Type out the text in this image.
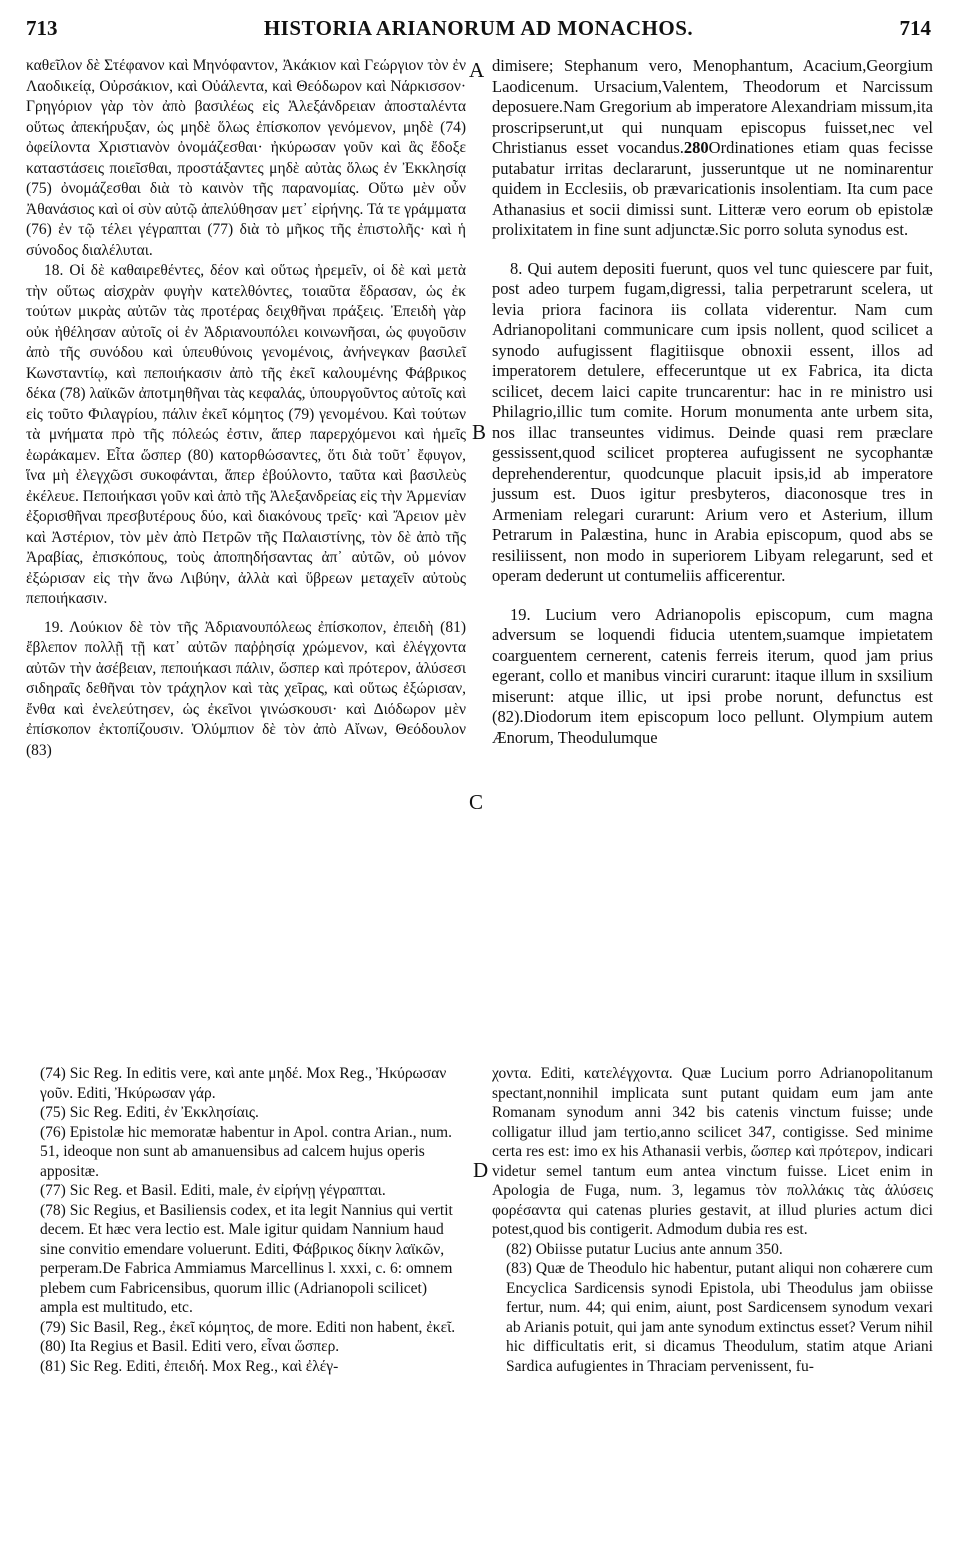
713	HISTORIA ARIANORUM AD MONACHOS.	714
A
B
C
D

καθεῖλον δὲ Στέφανον καὶ Μηνόφαντον, Ἀκάκιον καὶ Γεώργιον τὸν ἐν Λαοδικείᾳ, Οὐρσάκιον, καὶ Οὐάλεντα, καὶ Θεόδωρον καὶ Νάρκισσον· Γρηγόριον γὰρ τὸν ἀπὸ βασιλέως εἰς Ἀλεξάνδρειαν ἀποσταλέντα οὕτως ἀπεκήρυξαν, ὡς μηδὲ ὅλως ἐπίσκοπον γενόμενον, μηδὲ (74) ὀφείλοντα Χριστιανὸν ὀνομάζεσθαι· ἠκύρωσαν γοῦν καὶ ἃς ἔδοξε καταστάσεις ποιεῖσθαι, προστάξαντες μηδὲ αὐτὰς ὅλως ἐν Ἐκκλησίᾳ (75) ὀνομάζεσθαι διὰ τὸ καινὸν τῆς παρανομίας. Οὕτω μὲν οὖν Ἀθανάσιος καὶ οἱ σὺν αὐτῷ ἀπελύθησαν μετ᾽ εἰρήνης. Τά τε γράμματα (76) ἐν τῷ τέλει γέγραπται (77) διὰ τὸ μῆκος τῆς ἐπιστολῆς· καὶ ἡ σύνοδος διαλέλυται.

18. Οἱ δὲ καθαιρεθέντες, δέον καὶ οὕτως ἠρεμεῖν, οἱ δὲ καὶ μετὰ τὴν οὕτως αἰσχρὰν φυγὴν κατελθόντες, τοιαῦτα ἔδρασαν, ὡς ἐκ τούτων μικρὰς αὐτῶν τὰς προτέρας δειχθῆναι πράξεις. Ἐπειδὴ γὰρ οὐκ ἠθέλησαν αὐτοῖς οἱ ἐν Ἀδριανουπόλει κοινωνῆσαι, ὡς φυγοῦσιν ἀπὸ τῆς συνόδου καὶ ὑπευθύνοις γενομένοις, ἀνήνεγκαν βασιλεῖ Κωνσταντίῳ, καὶ πεποιήκασιν ἀπὸ τῆς ἐκεῖ καλουμένης Φάβρικος δέκα (78) λαϊκῶν ἀποτμηθῆναι τὰς κεφαλάς, ὑπουργοῦντος αὐτοῖς καὶ εἰς τοῦτο Φιλαγρίου, πάλιν ἐκεῖ κόμητος (79) γενομένου. Καὶ τούτων τὰ μνήματα πρὸ τῆς πόλεώς ἐστιν, ἅπερ παρερχόμενοι καὶ ἡμεῖς ἑωράκαμεν. Εἶτα ὥσπερ (80) κατορθώσαντες, ὅτι διὰ τοῦτ᾽ ἔφυγον, ἵνα μὴ ἐλεγχῶσι συκοφάνται, ἅπερ ἐβούλοντο, ταῦτα καὶ βασιλεὺς ἐκέλευε. Πεποιήκασι γοῦν καὶ ἀπὸ τῆς Ἀλεξανδρείας εἰς τὴν Ἀρμενίαν ἐξορισθῆναι πρεσβυτέρους δύο, καὶ διακόνους τρεῖς· καὶ Ἄρειον μὲν καὶ Ἀστέριον, τὸν μὲν ἀπὸ Πετρῶν τῆς Παλαιστίνης, τὸν δὲ ἀπὸ τῆς Ἀραβίας, ἐπισκόπους, τοὺς ἀποπηδήσαντας ἀπ᾽ αὐτῶν, οὐ μόνον ἐξώρισαν εἰς τὴν ἄνω Λιβύην, ἀλλὰ καὶ ὕβρεων μεταχεῖν αὐτοὺς πεποιήκασιν.

19. Λούκιον δὲ τὸν τῆς Ἀδριανουπόλεως ἐπίσκοπον, ἐπειδὴ (81) ἔβλεπον πολλῇ τῇ κατ᾽ αὐτῶν παῤῥησίᾳ χρώμενον, καὶ ἐλέγχοντα αὐτῶν τὴν ἀσέβειαν, πεποιήκασι πάλιν, ὥσπερ καὶ πρότερον, ἁλύσεσι σιδηραῖς δεθῆναι τὸν τράχηλον καὶ τὰς χεῖρας, καὶ οὕτως ἐξώρισαν, ἔνθα καὶ ἐνελεύτησεν, ὡς ἐκεῖνοι γινώσκουσι· καὶ Διόδωρον μὲν ἐπίσκοπον ἐκτοπίζουσιν. Ὀλύμπιον δὲ τὸν ἀπὸ Αἴνων, Θεόδουλον (83)

dimisere; Stephanum vero, Menophantum, Acacium,Georgium Laodicenum. Ursacium,Valentem, Theodorum et Narcissum deposuere.Nam Gregorium ab imperatore Alexandriam missum,ita proscripserunt,ut qui nunquam episcopus fuisset,nec vel Christianus esset vocandus.280Ordinationes etiam quas fecisse putabatur irritas declararunt, jusseruntque ut ne nominarentur quidem in Ecclesiis, ob prævaricationis insolentiam. Ita cum pace Athanasius et socii dimissi sunt. Litteræ vero eorum ob epistolæ prolixitatem in fine sunt adjunctæ.Sic porro soluta synodus est.

8. Qui autem depositi fuerunt, quos vel tunc quiescere par fuit, post adeo turpem fugam,digressi, talia perpetrarunt scelera, ut levia priora facinora iis collata viderentur. Nam cum Adrianopolitani communicare cum ipsis nollent, quod scilicet a synodo aufugissent flagitiisque obnoxii essent, illos ad imperatorem detulere, effeceruntque ut ex Fabrica, ita dicta scilicet, decem laici capite truncarentur: hac in re ministro usi Philagrio,illic tum comite. Horum monumenta ante urbem sita, nos illac transeuntes vidimus. Deinde quasi rem præclare gessissent,quod scilicet propterea aufugissent ne sycophantæ deprehenderentur, quodcunque placuit ipsis,id ab imperatore jussum est. Duos igitur presbyteros, diaconosque tres in Armeniam relegari curarunt: Arium vero et Asterium, illum Petrarum in Palæstina, hunc in Arabia episcopum, quod abs se resiliissent, non modo in superiorem Libyam relegarunt, sed et operam dederunt ut contumeliis afficerentur.

19. Lucium vero Adrianopolis episcopum, cum magna adversum se loquendi fiducia utentem,suamque impietatem coarguentem cernerent, catenis ferreis iterum, quod jam prius egerant, collo et manibus vinciri curarunt: itaque illum in sxsilium miserunt: atque illic, ut ipsi probe norunt, defunctus est (82).Diodorum item episcopum loco pellunt. Olympium autem Ænorum, Theodulumque

(74) Sic Reg. In editis vere, καὶ ante μηδέ. Mox Reg., Ἠκύρωσαν γοῦν. Editi, Ἠκύρωσαν γάρ.

(75) Sic Reg. Editi, ἐν Ἐκκλησίαις.

(76) Epistolæ hic memoratæ habentur in Apol. contra Arian., num. 51, ideoque non sunt ab amanuensibus ad calcem hujus operis appositæ.

(77) Sic Reg. et Basil. Editi, male, ἐν εἰρήνῃ γέγραπται.

(78) Sic Regius, et Basiliensis codex, et ita legit Nannius qui vertit decem. Et hæc vera lectio est. Male igitur quidam Nannium haud sine convitio emendare voluerunt. Editi, Φάβρικος δίκην λαϊκῶν, perperam.De Fabrica Ammiamus Marcellinus l. xxxi, c. 6: omnem plebem cum Fabricensibus, quorum illic (Adrianopoli scilicet) ampla est multitudo, etc.

(79) Sic Basil, Reg., ἐκεῖ κόμητος, de more. Editi non habent, ἐκεῖ.

(80) Ita Regius et Basil. Editi vero, εἶναι ὥσπερ.

(81) Sic Reg. Editi, ἐπειδή. Mox Reg., καὶ ἐλέγ-

χοντα. Editi, κατελέγχοντα. Quæ Lucium porro Adrianopolitanum spectant,nonnihil implicata sunt putant quidam eum jam ante Romanam synodum anni 342 bis catenis vinctum fuisse; unde colligatur illud jam tertio,anno scilicet 347, contigisse. Sed minime certa res est: imo ex his Athanasii verbis, ὥσπερ καὶ πρότερον, indicari videtur semel tantum eum antea vinctum fuisse. Licet enim in Apologia de Fuga, num. 3, legamus τὸν πολλάκις τὰς ἁλύσεις φορέσαντα qui catenas pluries gestavit, at illud pluries actum dici potest,quod bis contigerit. Admodum dubia res est.

(82) Obiisse putatur Lucius ante annum 350.

(83) Quæ de Theodulo hic habentur, putant aliqui non cohærere cum Encyclica Sardicensis synodi Epistola, ubi Theodulus jam obiisse fertur, num. 44; qui enim, aiunt, post Sardicensem synodum vexari ab Arianis potuit, qui jam ante synodum extinctus esset? Verum nihil hic difficultatis erit, si dicamus Theodulum, statim atque Ariani Sardica aufugientes in Thraciam pervenissent, fu-
